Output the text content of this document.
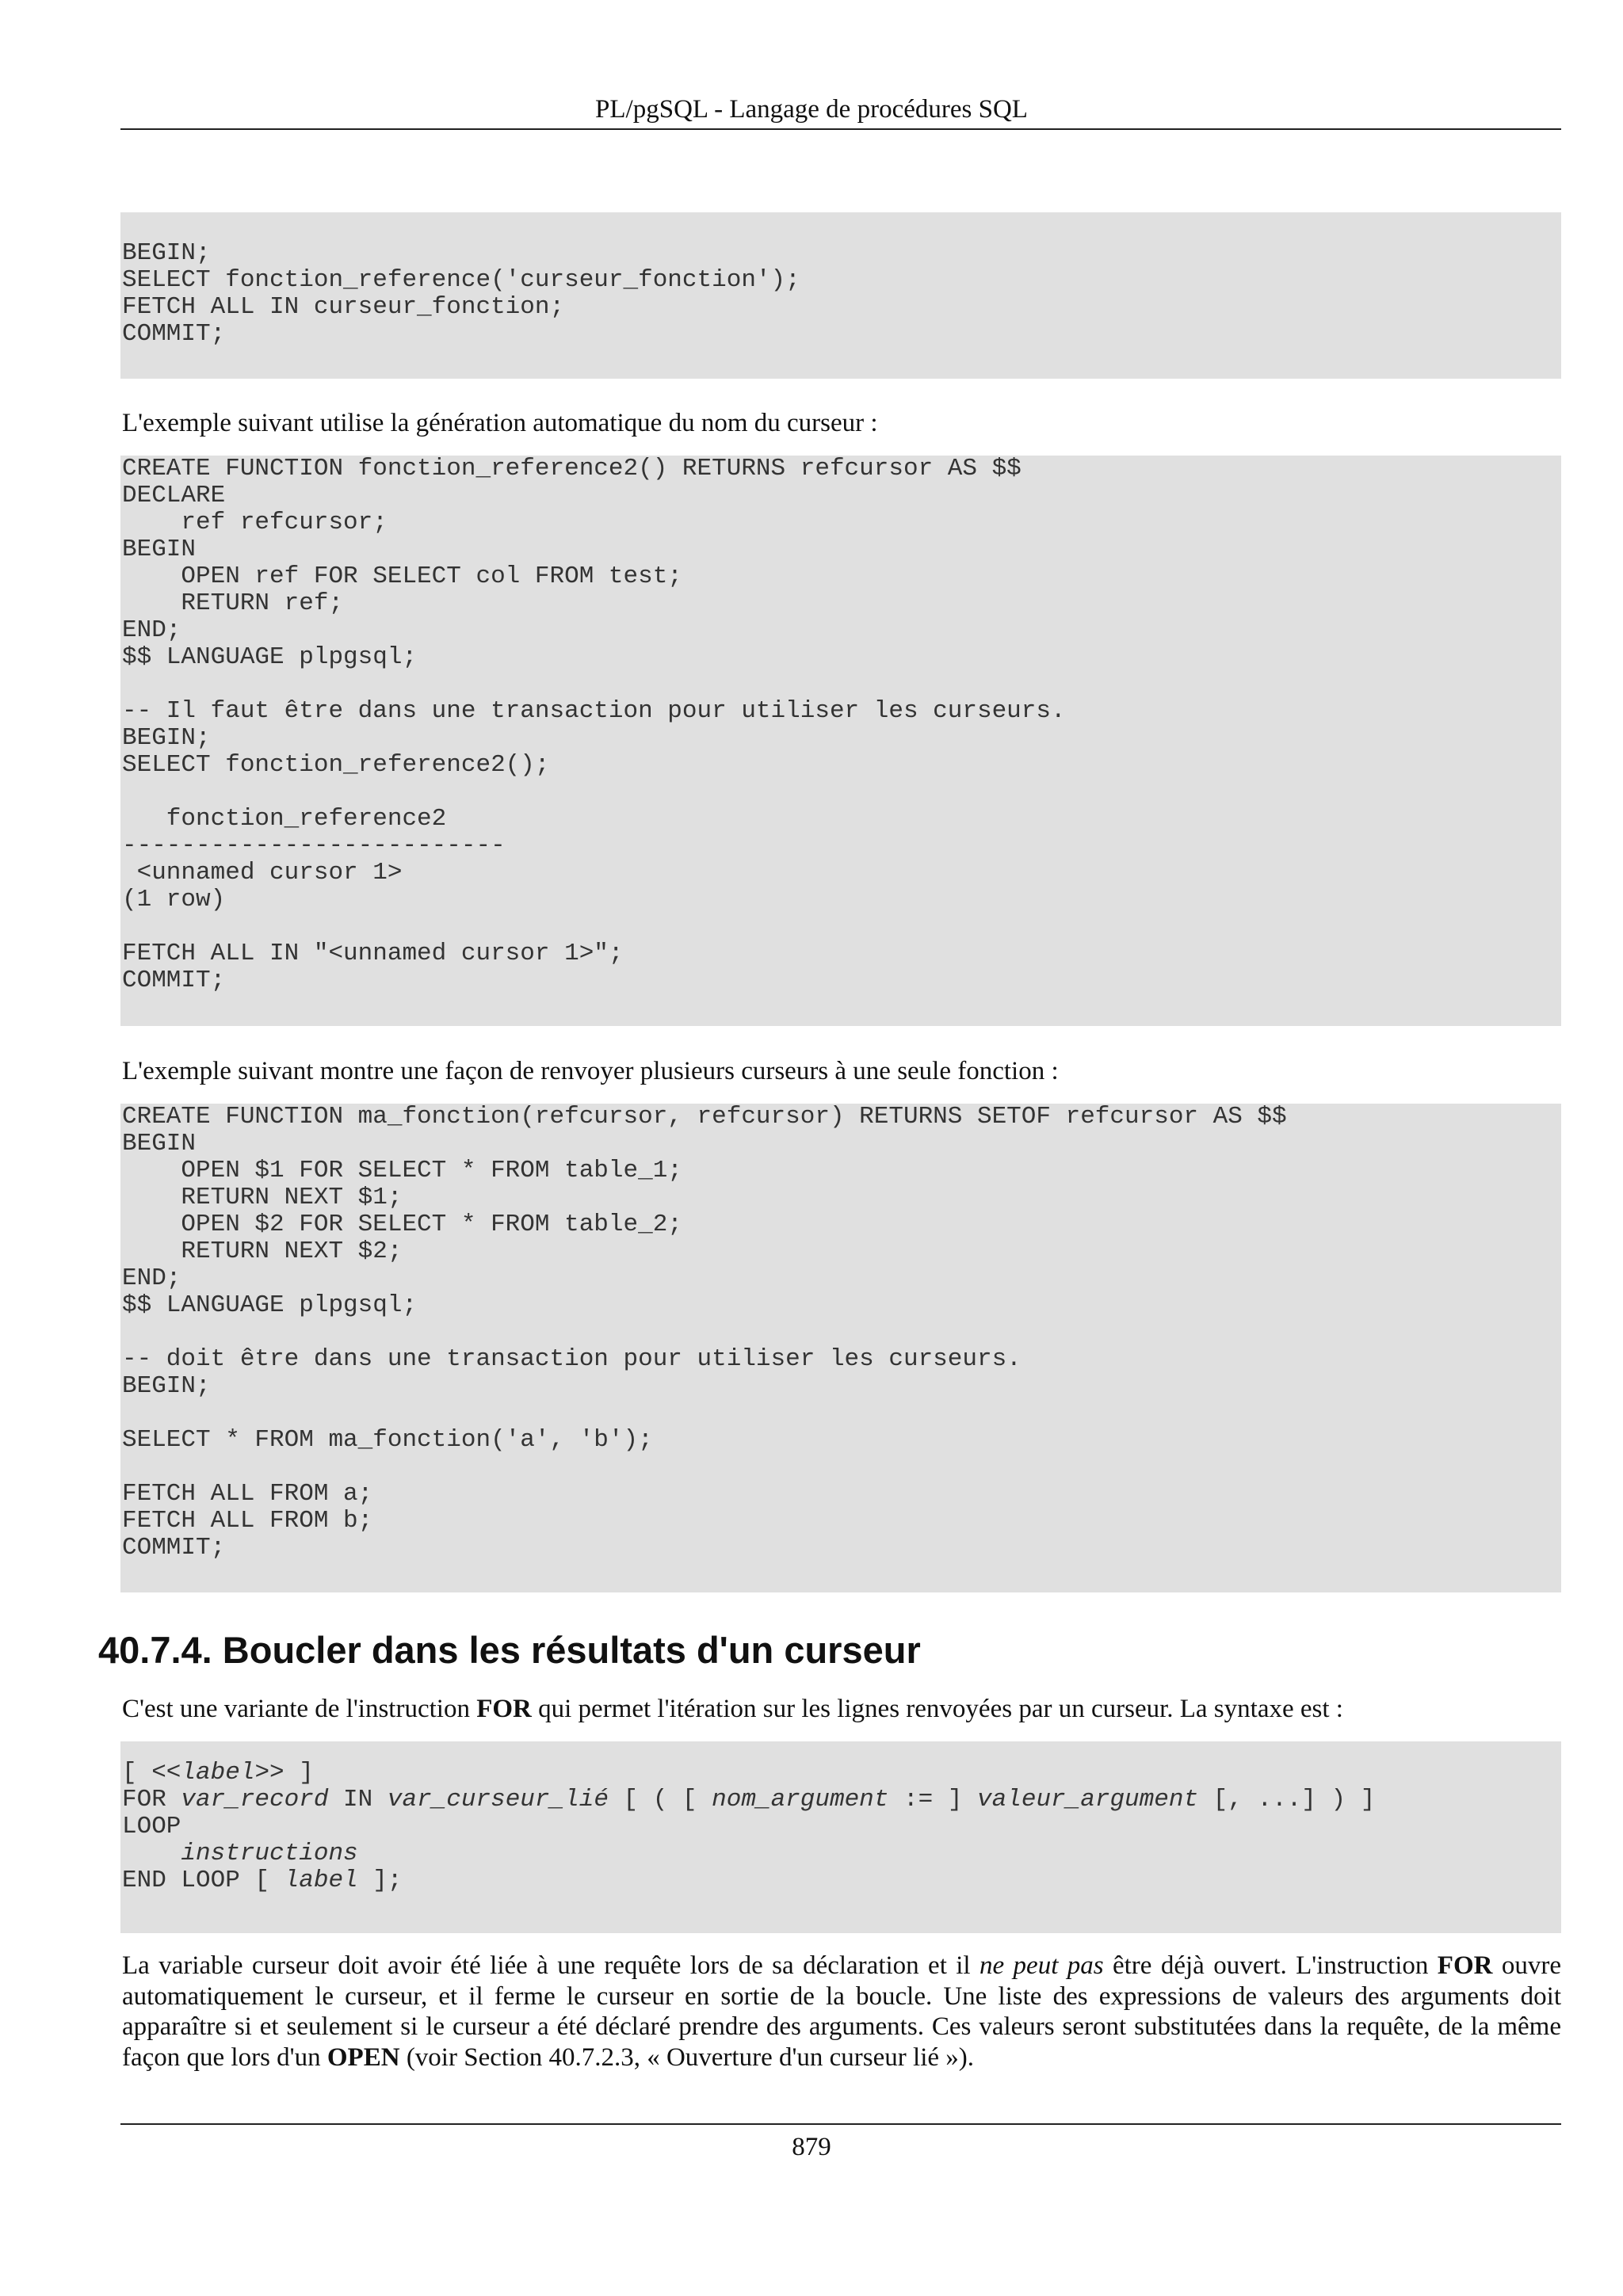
PL/pgSQL - Langage de procédures SQL
BEGIN;
SELECT fonction_reference('curseur_fonction');
FETCH ALL IN curseur_fonction;
COMMIT;

L'exemple suivant utilise la génération automatique du nom du curseur :

CREATE FUNCTION fonction_reference2() RETURNS refcursor AS $$
DECLARE
ref refcursor;
BEGIN
OPEN ref FOR SELECT col FROM test;
RETURN ref;
END;
$$ LANGUAGE plpgsql;

-- Il faut être dans une transaction pour utiliser les curseurs.
BEGIN;
SELECT fonction_reference2();

fonction_reference2
--------------------------
<unnamed cursor 1>
(1 row)

FETCH ALL IN "<unnamed cursor 1>";
COMMIT;

L'exemple suivant montre une façon de renvoyer plusieurs curseurs à une seule fonction :

CREATE FUNCTION ma_fonction(refcursor, refcursor) RETURNS SETOF refcursor AS $$
BEGIN
OPEN $1 FOR SELECT * FROM table_1;
RETURN NEXT $1;
OPEN $2 FOR SELECT * FROM table_2;
RETURN NEXT $2;
END;
$$ LANGUAGE plpgsql;

-- doit être dans une transaction pour utiliser les curseurs.
BEGIN;

SELECT * FROM ma_fonction('a', 'b');

FETCH ALL FROM a;
FETCH ALL FROM b;
COMMIT;
40.7.4. Boucler dans les résultats d'un curseur

C'est une variante de l'instruction FOR qui permet l'itération sur les lignes renvoyées par un curseur. La syntaxe est :

[ <<label>> ]
FOR var_record IN var_curseur_lié [ ( [ nom_argument := ] valeur_argument [, ...] ) ]
LOOP
instructions
END LOOP [ label ];

La variable curseur doit avoir été liée à une requête lors de sa déclaration et il ne peut pas être déjà ouvert. L'instruction FOR ouvre automatiquement le curseur, et il ferme le curseur en sortie de la boucle. Une liste des expressions de valeurs des arguments doit apparaître si et seulement si le curseur a été déclaré prendre des arguments. Ces valeurs seront substitutées dans la requête, de la même façon que lors d'un OPEN (voir Section 40.7.2.3, « Ouverture d'un curseur lié »).

879
